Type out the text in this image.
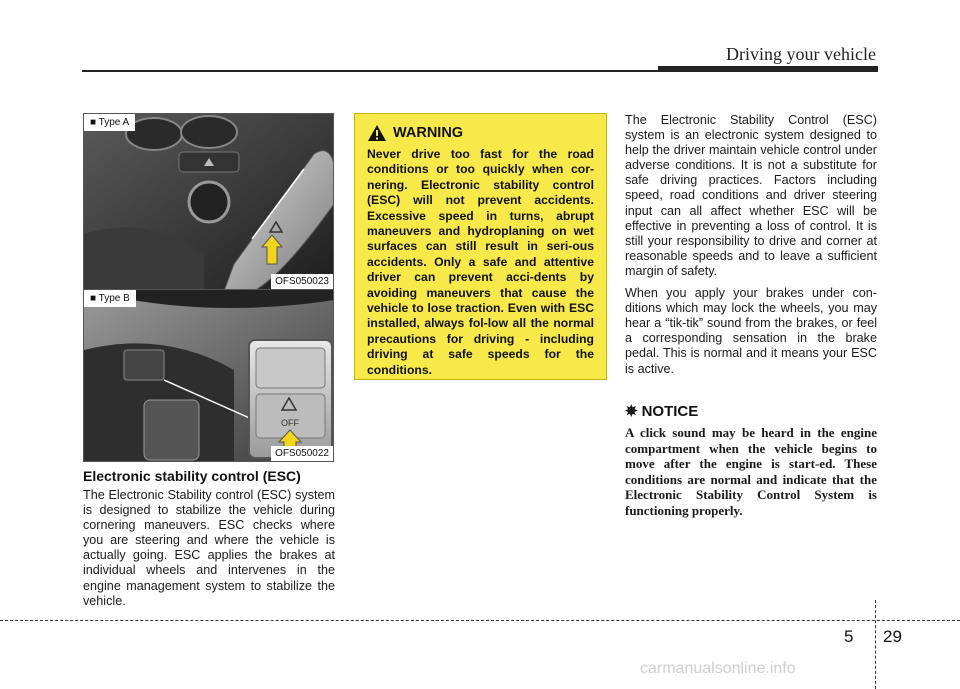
Driving your vehicle
■ Type A
OFS050023
OFF
■ Type B
OFS050022
Electronic stability control (ESC)
The Electronic Stability control (ESC) system is designed to stabilize the vehicle during cornering maneuvers. ESC checks where you are steering and where the vehicle is actually going. ESC applies the brakes at individual wheels and intervenes in the engine management system to stabilize the vehicle.
WARNING
Never drive too fast for the road conditions or too quickly when cor-nering. Electronic stability control (ESC) will not prevent accidents. Excessive speed in turns, abrupt maneuvers and hydroplaning on wet surfaces can still result in seri-ous accidents. Only a safe and attentive driver can prevent acci-dents by avoiding maneuvers that cause the vehicle to lose traction. Even with ESC installed, always fol-low all the normal precautions for driving - including driving at safe speeds for the conditions.

The Electronic Stability Control (ESC) system is an electronic system designed to help the driver maintain vehicle control under adverse conditions. It is not a substitute for safe driving practices. Factors including speed, road conditions and driver steering input can all affect whether ESC will be effective in preventing a loss of control. It is still your responsibility to drive and corner at reasonable speeds and to leave a sufficient margin of safety.

When you apply your brakes under con-ditions which may lock the wheels, you may hear a “tik-tik” sound from the brakes, or feel a corresponding sensation in the brake pedal. This is normal and it means your ESC is active.

✵ NOTICE
A click sound may be heard in the engine compartment when the vehicle begins to move after the engine is start-ed. These conditions are normal and indicate that the Electronic Stability Control System is functioning properly.
5 29
carmanualsonline.info
